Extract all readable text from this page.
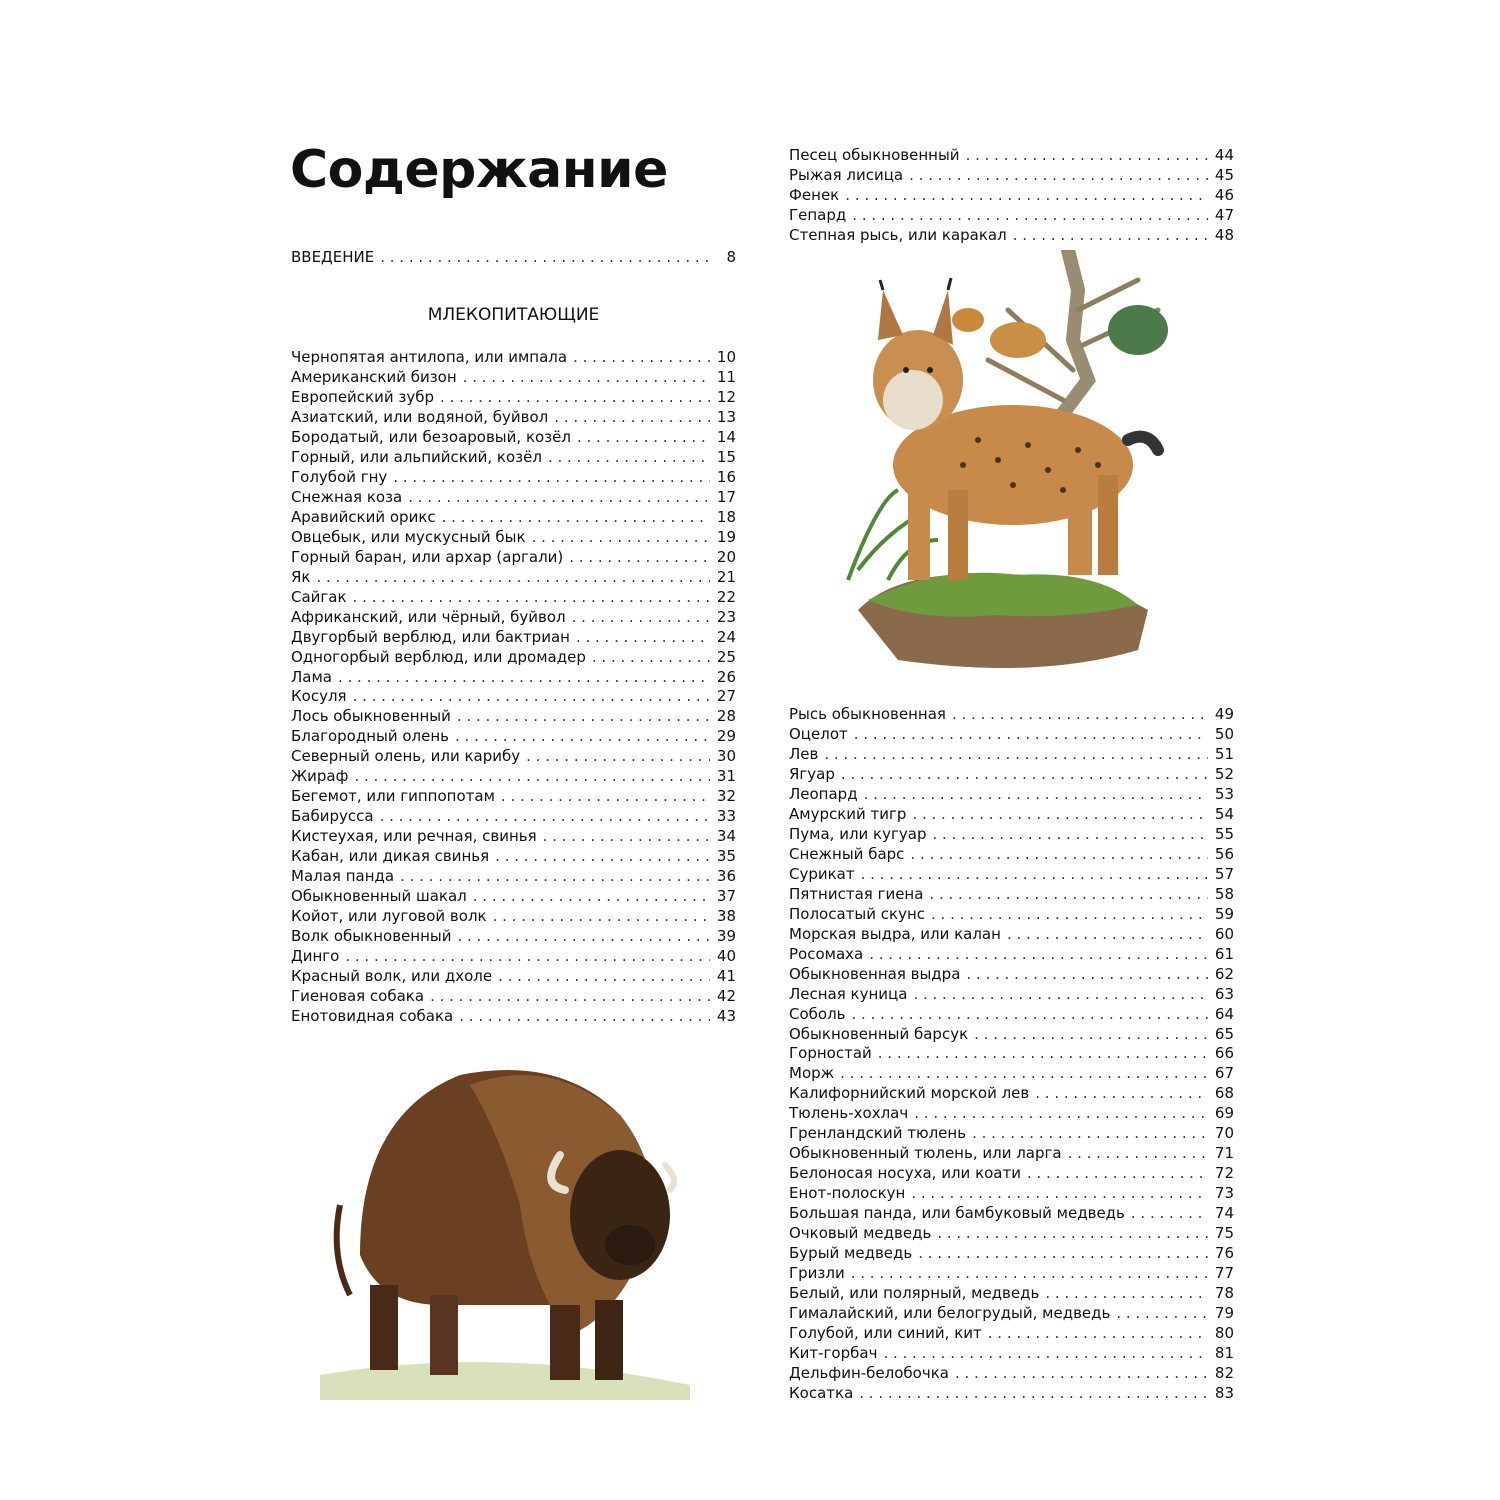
Содержание
ВВЕДЕНИЕ . . .	8
МЛЕКОПИТАЮЩИЕ
Чернопятая антилопа, или импала . . .	10
Американский бизон . . .	11
Европейский зубр . . .	12
Азиатский, или водяной, буйвол . . .	13
Бородатый, или безоаровый, козёл . . .	14
Горный, или альпийский, козёл . . .	15
Голубой гну . . .	16
Снежная коза . . .	17
Аравийский орикс . . .	18
Овцебык, или мускусный бык . . .	19
Горный баран, или архар (аргали) . . .	20
Як . . .	21
Сайгак . . .	22
Африканский, или чёрный, буйвол . . .	23
Двугорбый верблюд, или бактриан . . .	24
Одногорбый верблюд, или дромадер . . .	25
Лама . . .	26
Косуля . . .	27
Лось обыкновенный . . .	28
Благородный олень . . .	29
Северный олень, или карибу . . .	30
Жираф . . .	31
Бегемот, или гиппопотам . . .	32
Бабирусса . . .	33
Кистеухая, или речная, свинья . . .	34
Кабан, или дикая свинья . . .	35
Малая панда . . .	36
Обыкновенный шакал . . .	37
Койот, или луговой волк . . .	38
Волк обыкновенный . . .	39
Динго . . .	40
Красный волк, или дхоле . . .	41
Гиеновая собака . . .	42
Енотовидная собака . . .	43
Песец обыкновенный . . .	44
Рыжая лисица . . .	45
Фенек . . .	46
Гепард . . .	47
Степная рысь, или каракал . . .	48
Рысь обыкновенная . . .	49
Оцелот . . .	50
Лев . . .	51
Ягуар . . .	52
Леопард . . .	53
Амурский тигр . . .	54
Пума, или кугуар . . .	55
Снежный барс . . .	56
Сурикат . . .	57
Пятнистая гиена . . .	58
Полосатый скунс . . .	59
Морская выдра, или калан . . .	60
Росомаха . . .	61
Обыкновенная выдра . . .	62
Лесная куница . . .	63
Соболь . . .	64
Обыкновенный барсук . . .	65
Горностай . . .	66
Морж . . .	67
Калифорнийский морской лев . . .	68
Тюлень-хохлач . . .	69
Гренландский тюлень . . .	70
Обыкновенный тюлень, или ларга . . .	71
Белоносая носуха, или коати . . .	72
Енот-полоскун . . .	73
Большая панда, или бамбуковый медведь . . .	74
Очковый медведь . . .	75
Бурый медведь . . .	76
Гризли . . .	77
Белый, или полярный, медведь . . .	78
Гималайский, или белогрудый, медведь . . .	79
Голубой, или синий, кит . . .	80
Кит-горбач . . .	81
Дельфин-белобочка . . .	82
Косатка . . .	83
